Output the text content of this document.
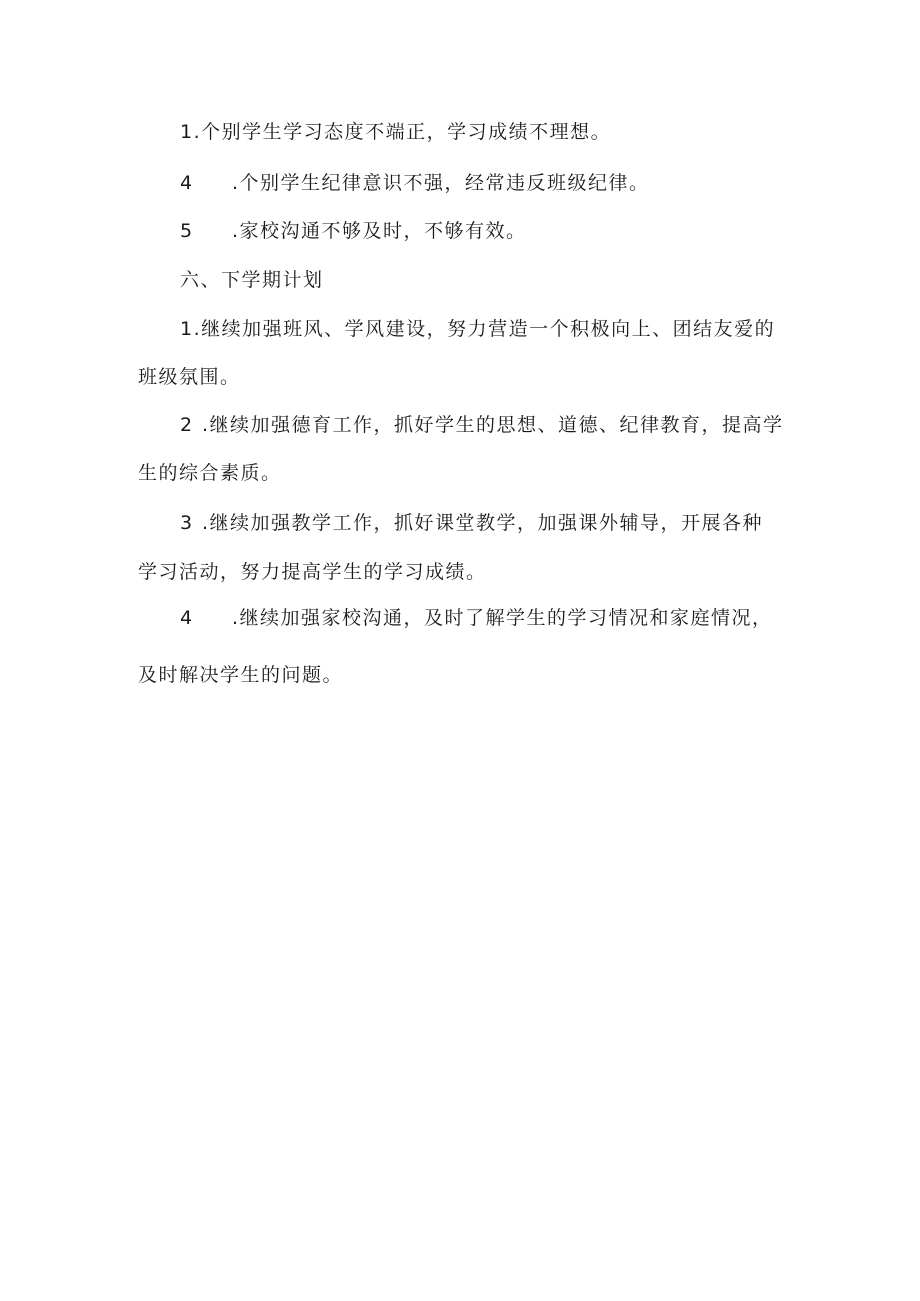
1.个别学生学习态度不端正，学习成绩不理想。
4 .个别学生纪律意识不强，经常违反班级纪律。
5 .家校沟通不够及时，不够有效。
六、下学期计划
1.继续加强班风、学风建设，努力营造一个积极向上、团结友爱的
班级氛围。
2 .继续加强德育工作，抓好学生的思想、道德、纪律教育，提高学
生的综合素质。
3 .继续加强教学工作，抓好课堂教学，加强课外辅导，开展各种
学习活动，努力提高学生的学习成绩。
4 .继续加强家校沟通，及时了解学生的学习情况和家庭情况，
及时解决学生的问题。
